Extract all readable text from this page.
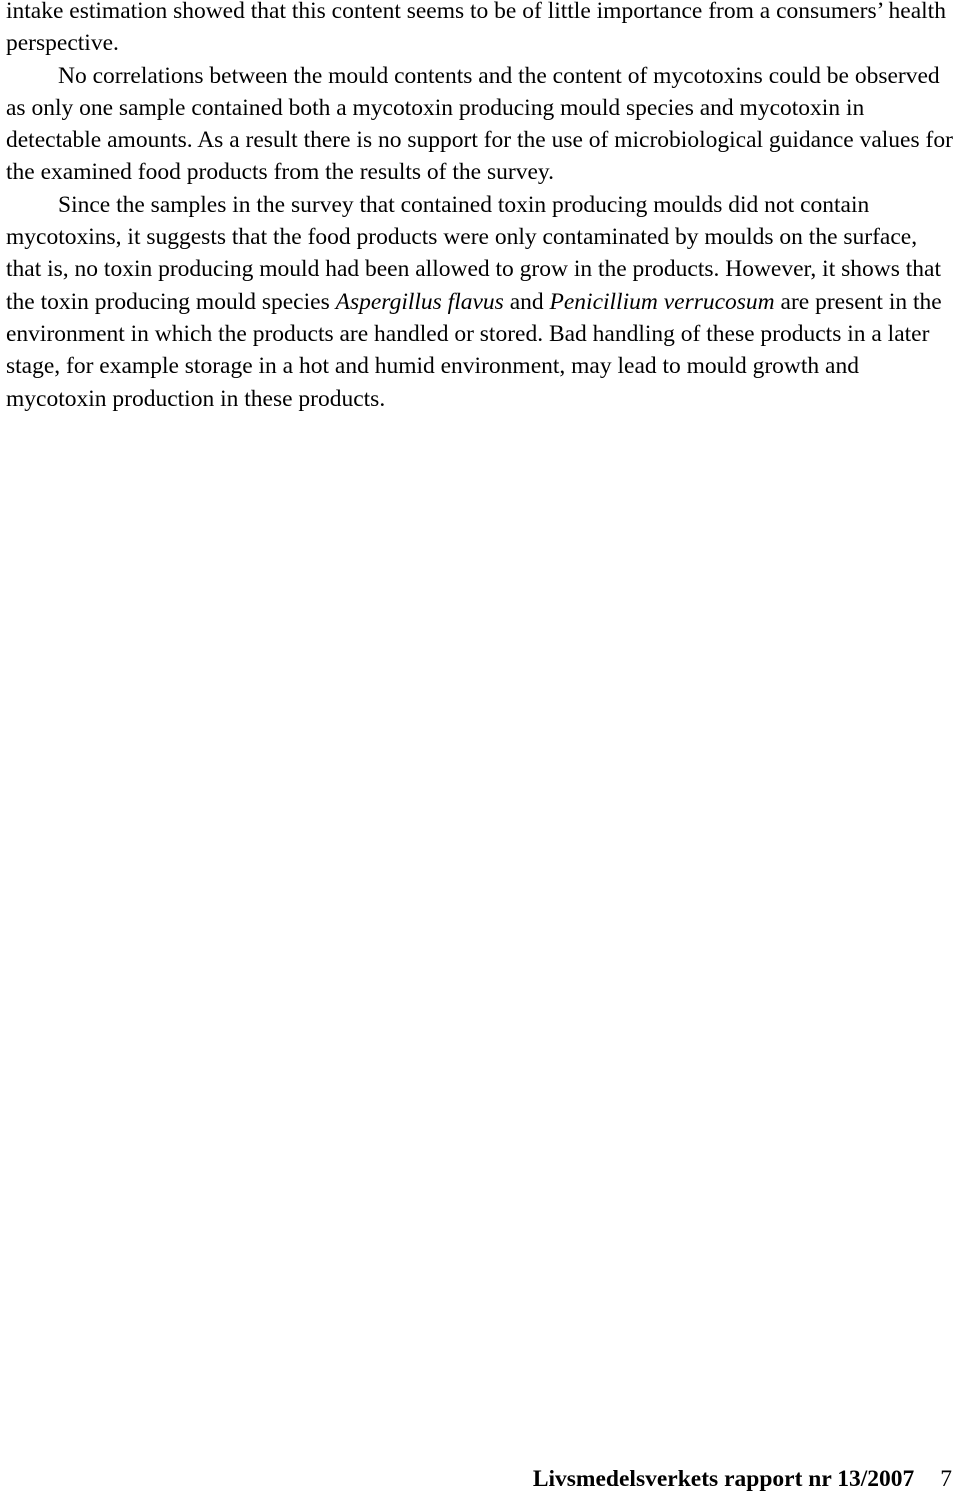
intake estimation showed that this content seems to be of little importance from a consumers’ health perspective.

No correlations between the mould contents and the content of mycotoxins could be observed as only one sample contained both a mycotoxin producing mould species and mycotoxin in detectable amounts. As a result there is no support for the use of microbiological guidance values for the examined food products from the results of the survey.

Since the samples in the survey that contained toxin producing moulds did not contain mycotoxins, it suggests that the food products were only contaminated by moulds on the surface, that is, no toxin producing mould had been allowed to grow in the products. However, it shows that the toxin producing mould species Aspergillus flavus and Penicillium verrucosum are present in the environment in which the products are handled or stored. Bad handling of these products in a later stage, for example storage in a hot and humid environment, may lead to mould growth and mycotoxin production in these products.

Livsmedelsverkets rapport nr 13/2007 7
